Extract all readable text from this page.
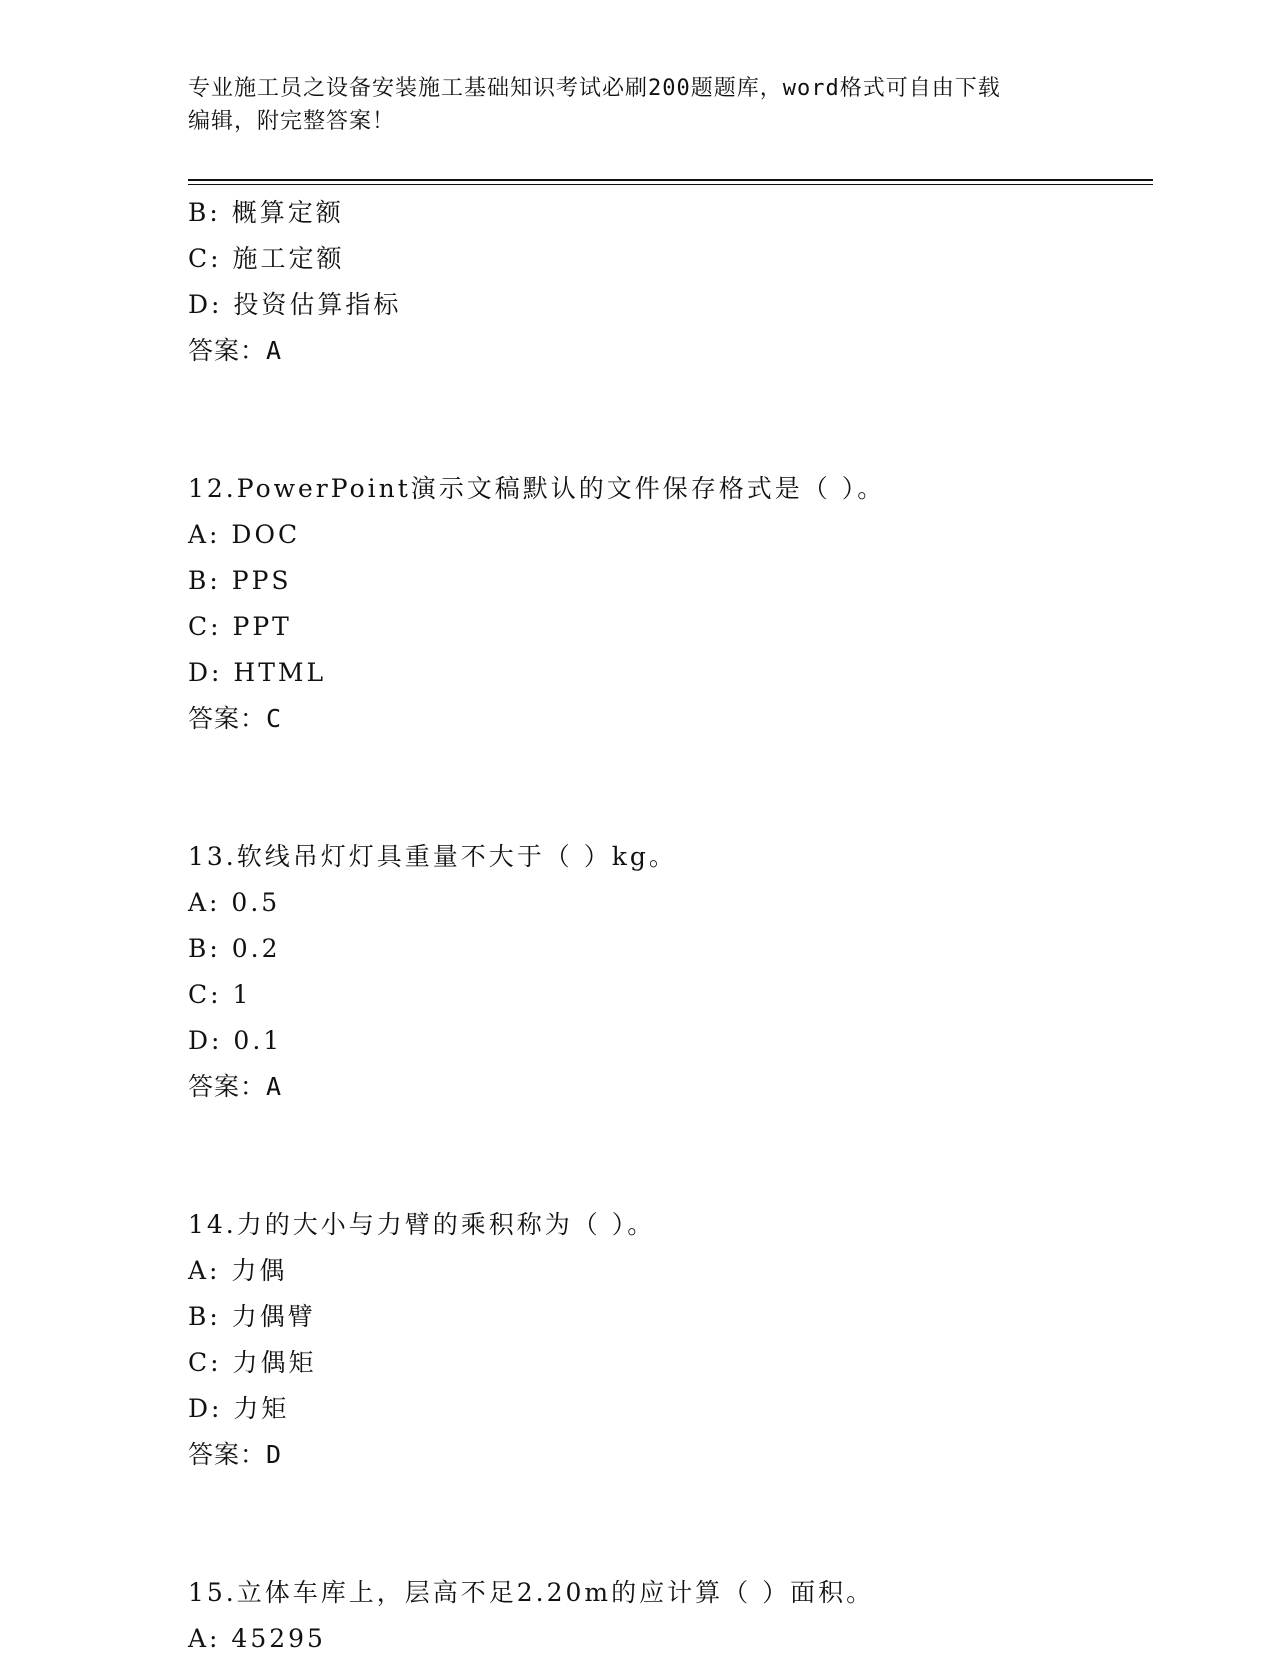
专业施工员之设备安装施工基础知识考试必刷200题题库，word格式可自由下载
编辑，附完整答案！
B: 概算定额
C: 施工定额
D: 投资估算指标
答案：A
12.PowerPoint演示文稿默认的文件保存格式是（ ）。
A: DOC
B: PPS
C: PPT
D: HTML
答案：C
13.软线吊灯灯具重量不大于（ ）kg。
A: 0.5
B: 0.2
C: 1
D: 0.1
答案：A
14.力的大小与力臂的乘积称为（ ）。
A: 力偶
B: 力偶臂
C: 力偶矩
D: 力矩
答案：D
15.立体车库上，层高不足2.20m的应计算（ ）面积。
A: 45295
